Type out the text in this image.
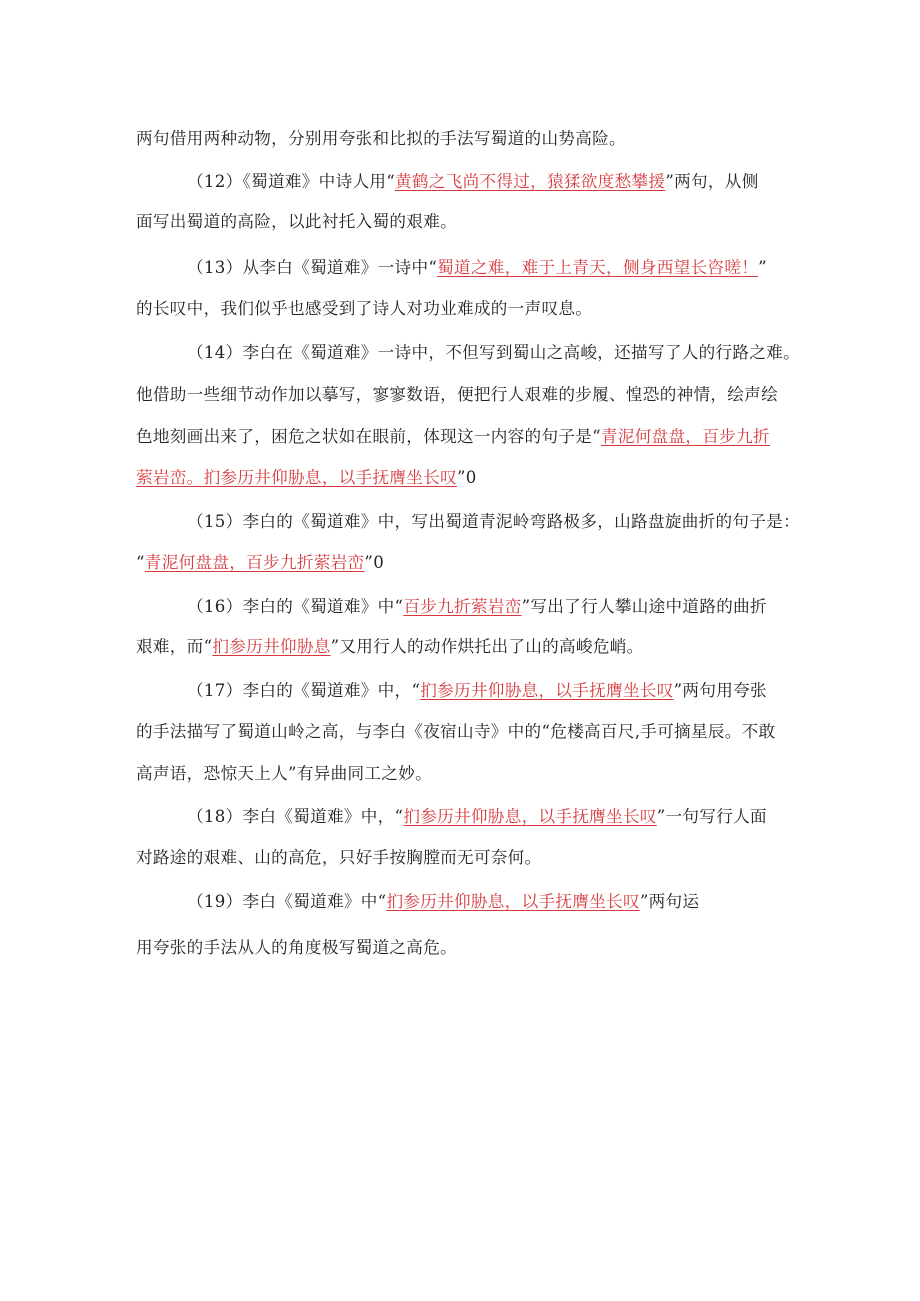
两句借用两种动物，分别用夸张和比拟的手法写蜀道的山势高险。
（12）《蜀道难》中诗人用“黄鹤之飞尚不得过，猿猱欲度愁攀援”两句，从侧
面写出蜀道的高险，以此衬托入蜀的艰难。
（13）从李白《蜀道难》一诗中“蜀道之难，难于上青天，侧身西望长咨嗟！”
的长叹中，我们似乎也感受到了诗人对功业难成的一声叹息。
（14）李白在《蜀道难》一诗中，不但写到蜀山之高峻，还描写了人的行路之难。
他借助一些细节动作加以摹写，寥寥数语，便把行人艰难的步履、惶恐的神情，绘声绘
色地刻画出来了，困危之状如在眼前，体现这一内容的句子是“青泥何盘盘，百步九折
萦岩峦。扪参历井仰胁息，以手抚膺坐长叹”0
（15）李白的《蜀道难》中，写出蜀道青泥岭弯路极多，山路盘旋曲折的句子是：
“青泥何盘盘，百步九折萦岩峦”0
（16）李白的《蜀道难》中“百步九折萦岩峦”写出了行人攀山途中道路的曲折
艰难，而“扪参历井仰胁息”又用行人的动作烘托出了山的高峻危峭。
（17）李白的《蜀道难》中，“扪参历井仰胁息，以手抚膺坐长叹”两句用夸张
的手法描写了蜀道山岭之高，与李白《夜宿山寺》中的“危楼高百尺,手可摘星辰。不敢
高声语，恐惊天上人”有异曲同工之妙。
（18）李白《蜀道难》中，“扪参历井仰胁息，以手抚膺坐长叹”一句写行人面
对路途的艰难、山的高危，只好手按胸膛而无可奈何。
（19）李白《蜀道难》中“扪参历井仰胁息，以手抚膺坐长叹”两句运
用夸张的手法从人的角度极写蜀道之高危。
